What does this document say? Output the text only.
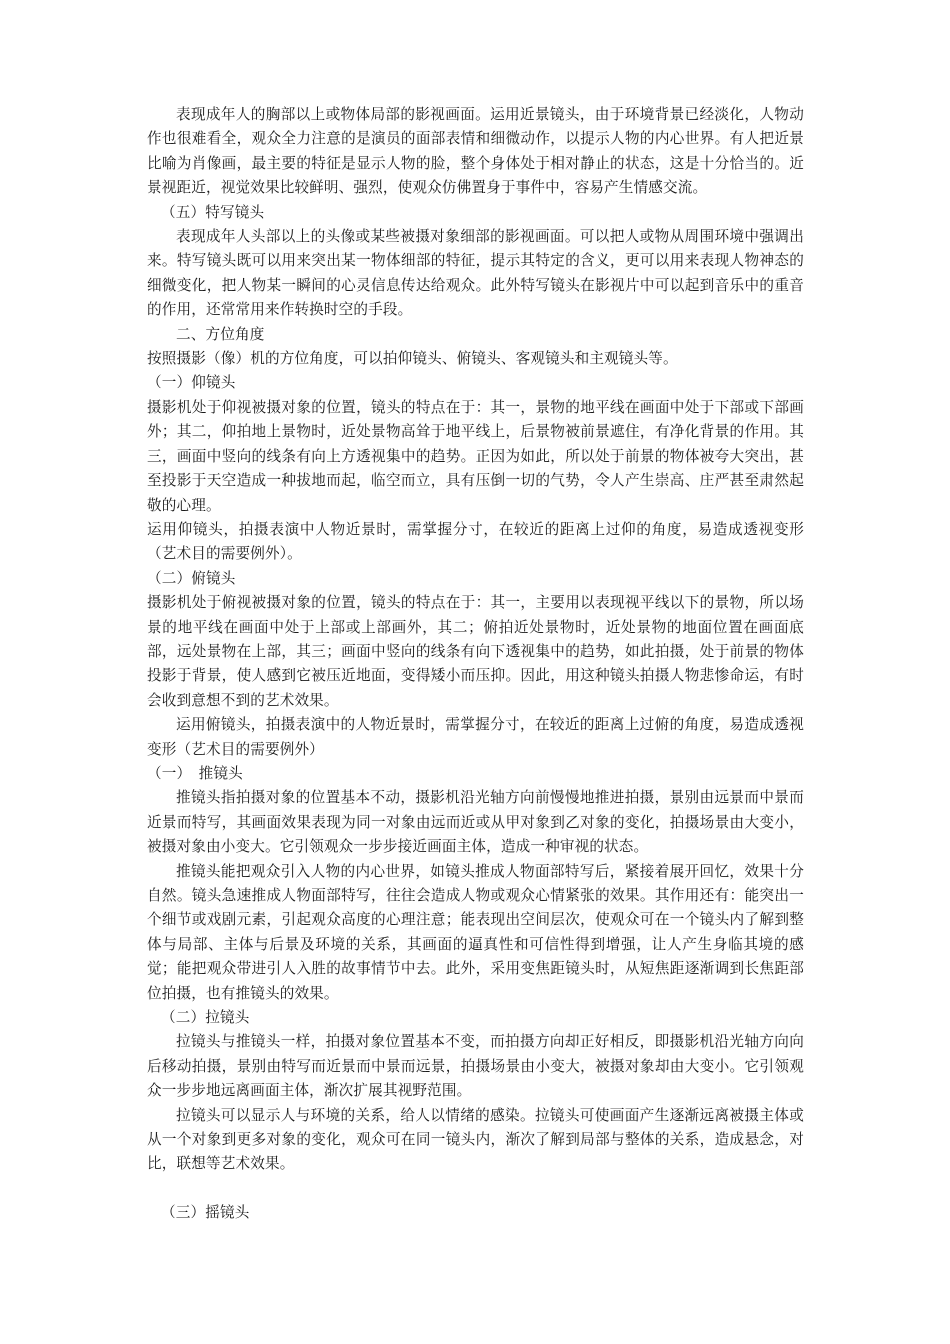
表现成年人的胸部以上或物体局部的影视画面。运用近景镜头，由于环境背景已经淡化，人物动作也很难看全，观众全力注意的是演员的面部表情和细微动作，以提示人物的内心世界。有人把近景比喻为肖像画，最主要的特征是显示人物的脸，整个身体处于相对静止的状态，这是十分恰当的。近景视距近，视觉效果比较鲜明、强烈，使观众仿佛置身于事件中，容易产生情感交流。

（五）特写镜头

表现成年人头部以上的头像或某些被摄对象细部的影视画面。可以把人或物从周围环境中强调出来。特写镜头既可以用来突出某一物体细部的特征，提示其特定的含义，更可以用来表现人物神态的细微变化，把人物某一瞬间的心灵信息传达给观众。此外特写镜头在影视片中可以起到音乐中的重音的作用，还常常用来作转换时空的手段。

二、方位角度

按照摄影（像）机的方位角度，可以拍仰镜头、俯镜头、客观镜头和主观镜头等。

（一）仰镜头

摄影机处于仰视被摄对象的位置，镜头的特点在于：其一，景物的地平线在画面中处于下部或下部画外；其二，仰拍地上景物时，近处景物高耸于地平线上，后景物被前景遮住，有净化背景的作用。其三，画面中竖向的线条有向上方透视集中的趋势。正因为如此，所以处于前景的物体被夸大突出，甚至投影于天空造成一种拔地而起，临空而立，具有压倒一切的气势，令人产生崇高、庄严甚至肃然起敬的心理。

运用仰镜头，拍摄表演中人物近景时，需掌握分寸，在较近的距离上过仰的角度，易造成透视变形（艺术目的需要例外）。

（二）俯镜头

摄影机处于俯视被摄对象的位置，镜头的特点在于：其一，主要用以表现视平线以下的景物，所以场景的地平线在画面中处于上部或上部画外，其二；俯拍近处景物时，近处景物的地面位置在画面底部，远处景物在上部，其三；画面中竖向的线条有向下透视集中的趋势，如此拍摄，处于前景的物体投影于背景，使人感到它被压近地面，变得矮小而压抑。因此，用这种镜头拍摄人物悲惨命运，有时会收到意想不到的艺术效果。

运用俯镜头，拍摄表演中的人物近景时，需掌握分寸，在较近的距离上过俯的角度，易造成透视变形（艺术目的需要例外）

（一）　推镜头

推镜头指拍摄对象的位置基本不动，摄影机沿光轴方向前慢慢地推进拍摄，景别由远景而中景而近景而特写，其画面效果表现为同一对象由远而近或从甲对象到乙对象的变化，拍摄场景由大变小，被摄对象由小变大。它引领观众一步步接近画面主体，造成一种审视的状态。

推镜头能把观众引入人物的内心世界，如镜头推成人物面部特写后，紧接着展开回忆，效果十分自然。镜头急速推成人物面部特写，往往会造成人物或观众心情紧张的效果。其作用还有：能突出一个细节或戏剧元素，引起观众高度的心理注意；能表现出空间层次，使观众可在一个镜头内了解到整体与局部、主体与后景及环境的关系，其画面的逼真性和可信性得到增强，让人产生身临其境的感觉；能把观众带进引人入胜的故事情节中去。此外，采用变焦距镜头时，从短焦距逐渐调到长焦距部位拍摄，也有推镜头的效果。

（二）拉镜头

拉镜头与推镜头一样，拍摄对象位置基本不变，而拍摄方向却正好相反，即摄影机沿光轴方向向后移动拍摄，景别由特写而近景而中景而远景，拍摄场景由小变大，被摄对象却由大变小。它引领观众一步步地远离画面主体，渐次扩展其视野范围。

拉镜头可以显示人与环境的关系，给人以情绪的感染。拉镜头可使画面产生逐渐远离被摄主体或从一个对象到更多对象的变化，观众可在同一镜头内，渐次了解到局部与整体的关系，造成悬念，对比，联想等艺术效果。

（三）摇镜头
